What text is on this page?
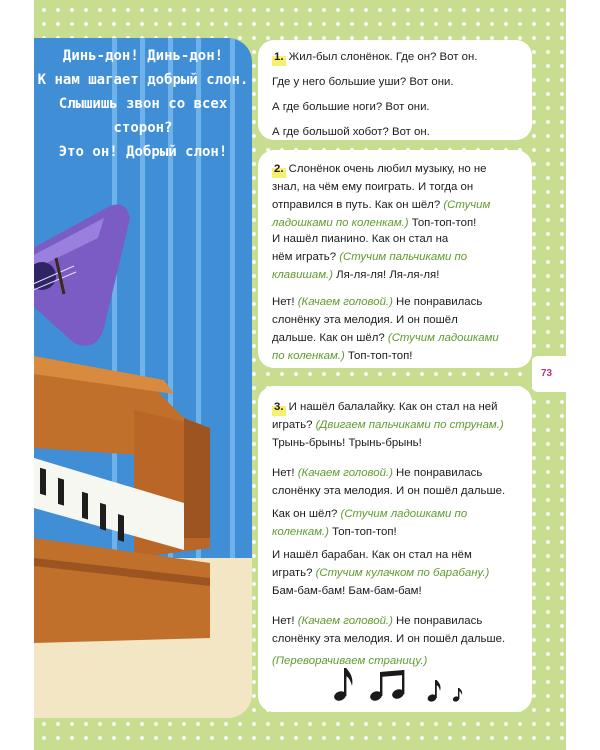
Динь-дон! Динь-дон!
К нам шагает добрый слон.
Слышишь звон со всех
сторон?
Это он! Добрый слон!
1. Жил-был слонёнок. Где он? Вот он.
Где у него большие уши? Вот они.
А где большие ноги? Вот они.
А где большой хобот? Вот он.
2. Слонёнок очень любил музыку, но не
знал, на чём ему поиграть. И тогда он
отправился в путь. Как он шёл? (Стучим
ладошками по коленкам.) Топ-топ-топ!
И нашёл пианино. Как он стал на
нём играть? (Стучим пальчиками по
клавишам.) Ля-ля-ля! Ля-ля-ля!
Нет! (Качаем головой.) Не понравилась
слонёнку эта мелодия. И он пошёл
дальше. Как он шёл? (Стучим ладошками
по коленкам.) Топ-топ-топ!
3. И нашёл балалайку. Как он стал на ней
играть? (Двигаем пальчиками по струнам.)
Трынь-брынь! Трынь-брынь!
Нет! (Качаем головой.) Не понравилась
слонёнку эта мелодия. И он пошёл дальше.
Как он шёл? (Стучим ладошками по
коленкам.) Топ-топ-топ!
И нашёл барабан. Как он стал на нём
играть? (Стучим кулачком по барабану.)
Бам-бам-бам! Бам-бам-бам!
Нет! (Качаем головой.) Не понравилась
слонёнку эта мелодия. И он пошёл дальше.
(Переворачиваем страницу.)
73
